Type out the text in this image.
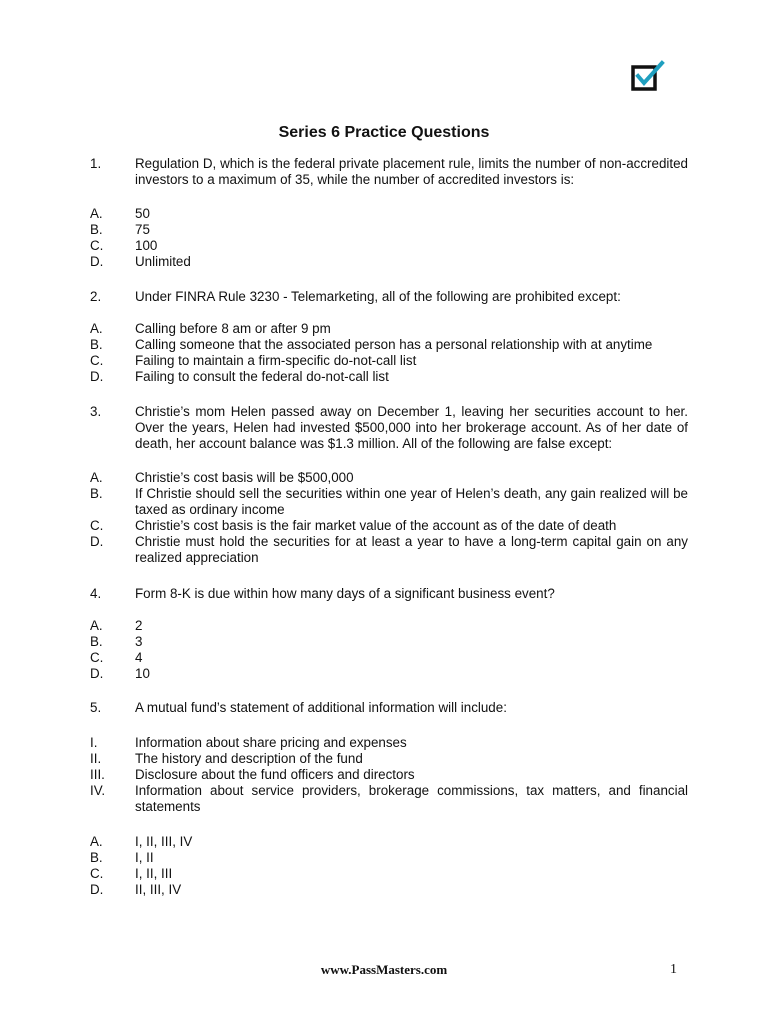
Series 6 Practice Questions
1.	Regulation D, which is the federal private placement rule, limits the number of non-accredited investors to a maximum of 35, while the number of accredited investors is:
A. 50
B. 75
C. 100
D. Unlimited
2.	Under FINRA Rule 3230 - Telemarketing, all of the following are prohibited except:
A. Calling before 8 am or after 9 pm
B. Calling someone that the associated person has a personal relationship with at anytime
C. Failing to maintain a firm-specific do-not-call list
D. Failing to consult the federal do-not-call list
3.	Christie’s mom Helen passed away on December 1, leaving her securities account to her. Over the years, Helen had invested $500,000 into her brokerage account. As of her date of death, her account balance was $1.3 million. All of the following are false except:
A. Christie’s cost basis will be $500,000
B. If Christie should sell the securities within one year of Helen’s death, any gain realized will be taxed as ordinary income
C. Christie’s cost basis is the fair market value of the account as of the date of death
D. Christie must hold the securities for at least a year to have a long-term capital gain on any realized appreciation
4.	Form 8-K is due within how many days of a significant business event?
A. 2
B. 3
C. 4
D. 10
5.	A mutual fund’s statement of additional information will include:
I.	Information about share pricing and expenses
II.	The history and description of the fund
III. Disclosure about the fund officers and directors
IV. Information about service providers, brokerage commissions, tax matters, and financial statements
A. I, II, III, IV
B. I, II
C. I, II, III
D. II, III, IV
www.PassMasters.com	1
